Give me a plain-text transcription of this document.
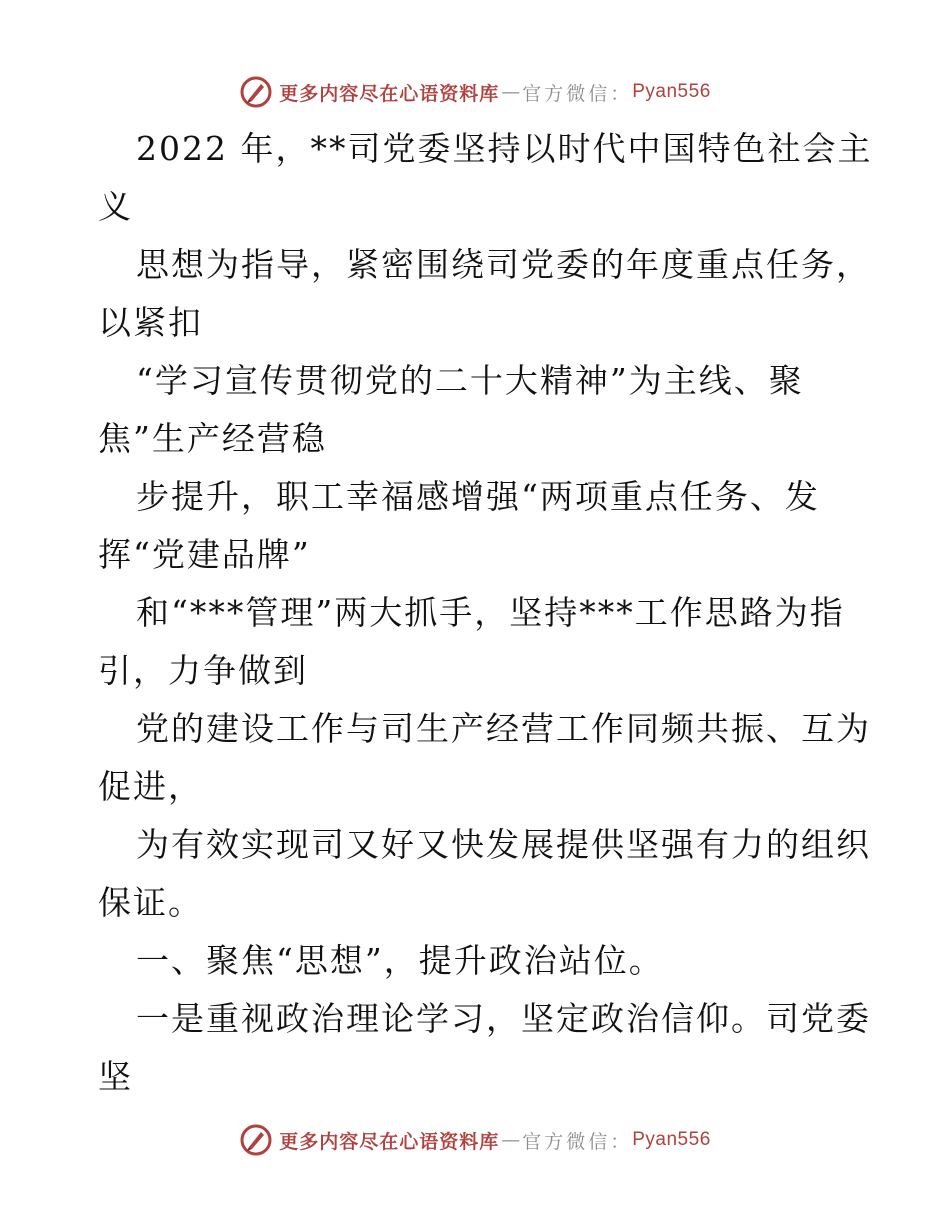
更多内容尽在心语资料库 — 官方微信： Pyan556
2022 年，**司党委坚持以时代中国特色社会主
义
思想为指导，紧密围绕司党委的年度重点任务，
以紧扣
“学习宣传贯彻党的二十大精神”为主线、聚
焦”生产经营稳
步提升，职工幸福感增强“两项重点任务、发
挥“党建品牌”
和“***管理”两大抓手，坚持***工作思路为指
引，力争做到
党的建设工作与司生产经营工作同频共振、互为
促进，
为有效实现司又好又快发展提供坚强有力的组织
保证。
一、聚焦“思想”，提升政治站位。
一是重视政治理论学习，坚定政治信仰。司党委
坚
更多内容尽在心语资料库 — 官方微信： Pyan556
